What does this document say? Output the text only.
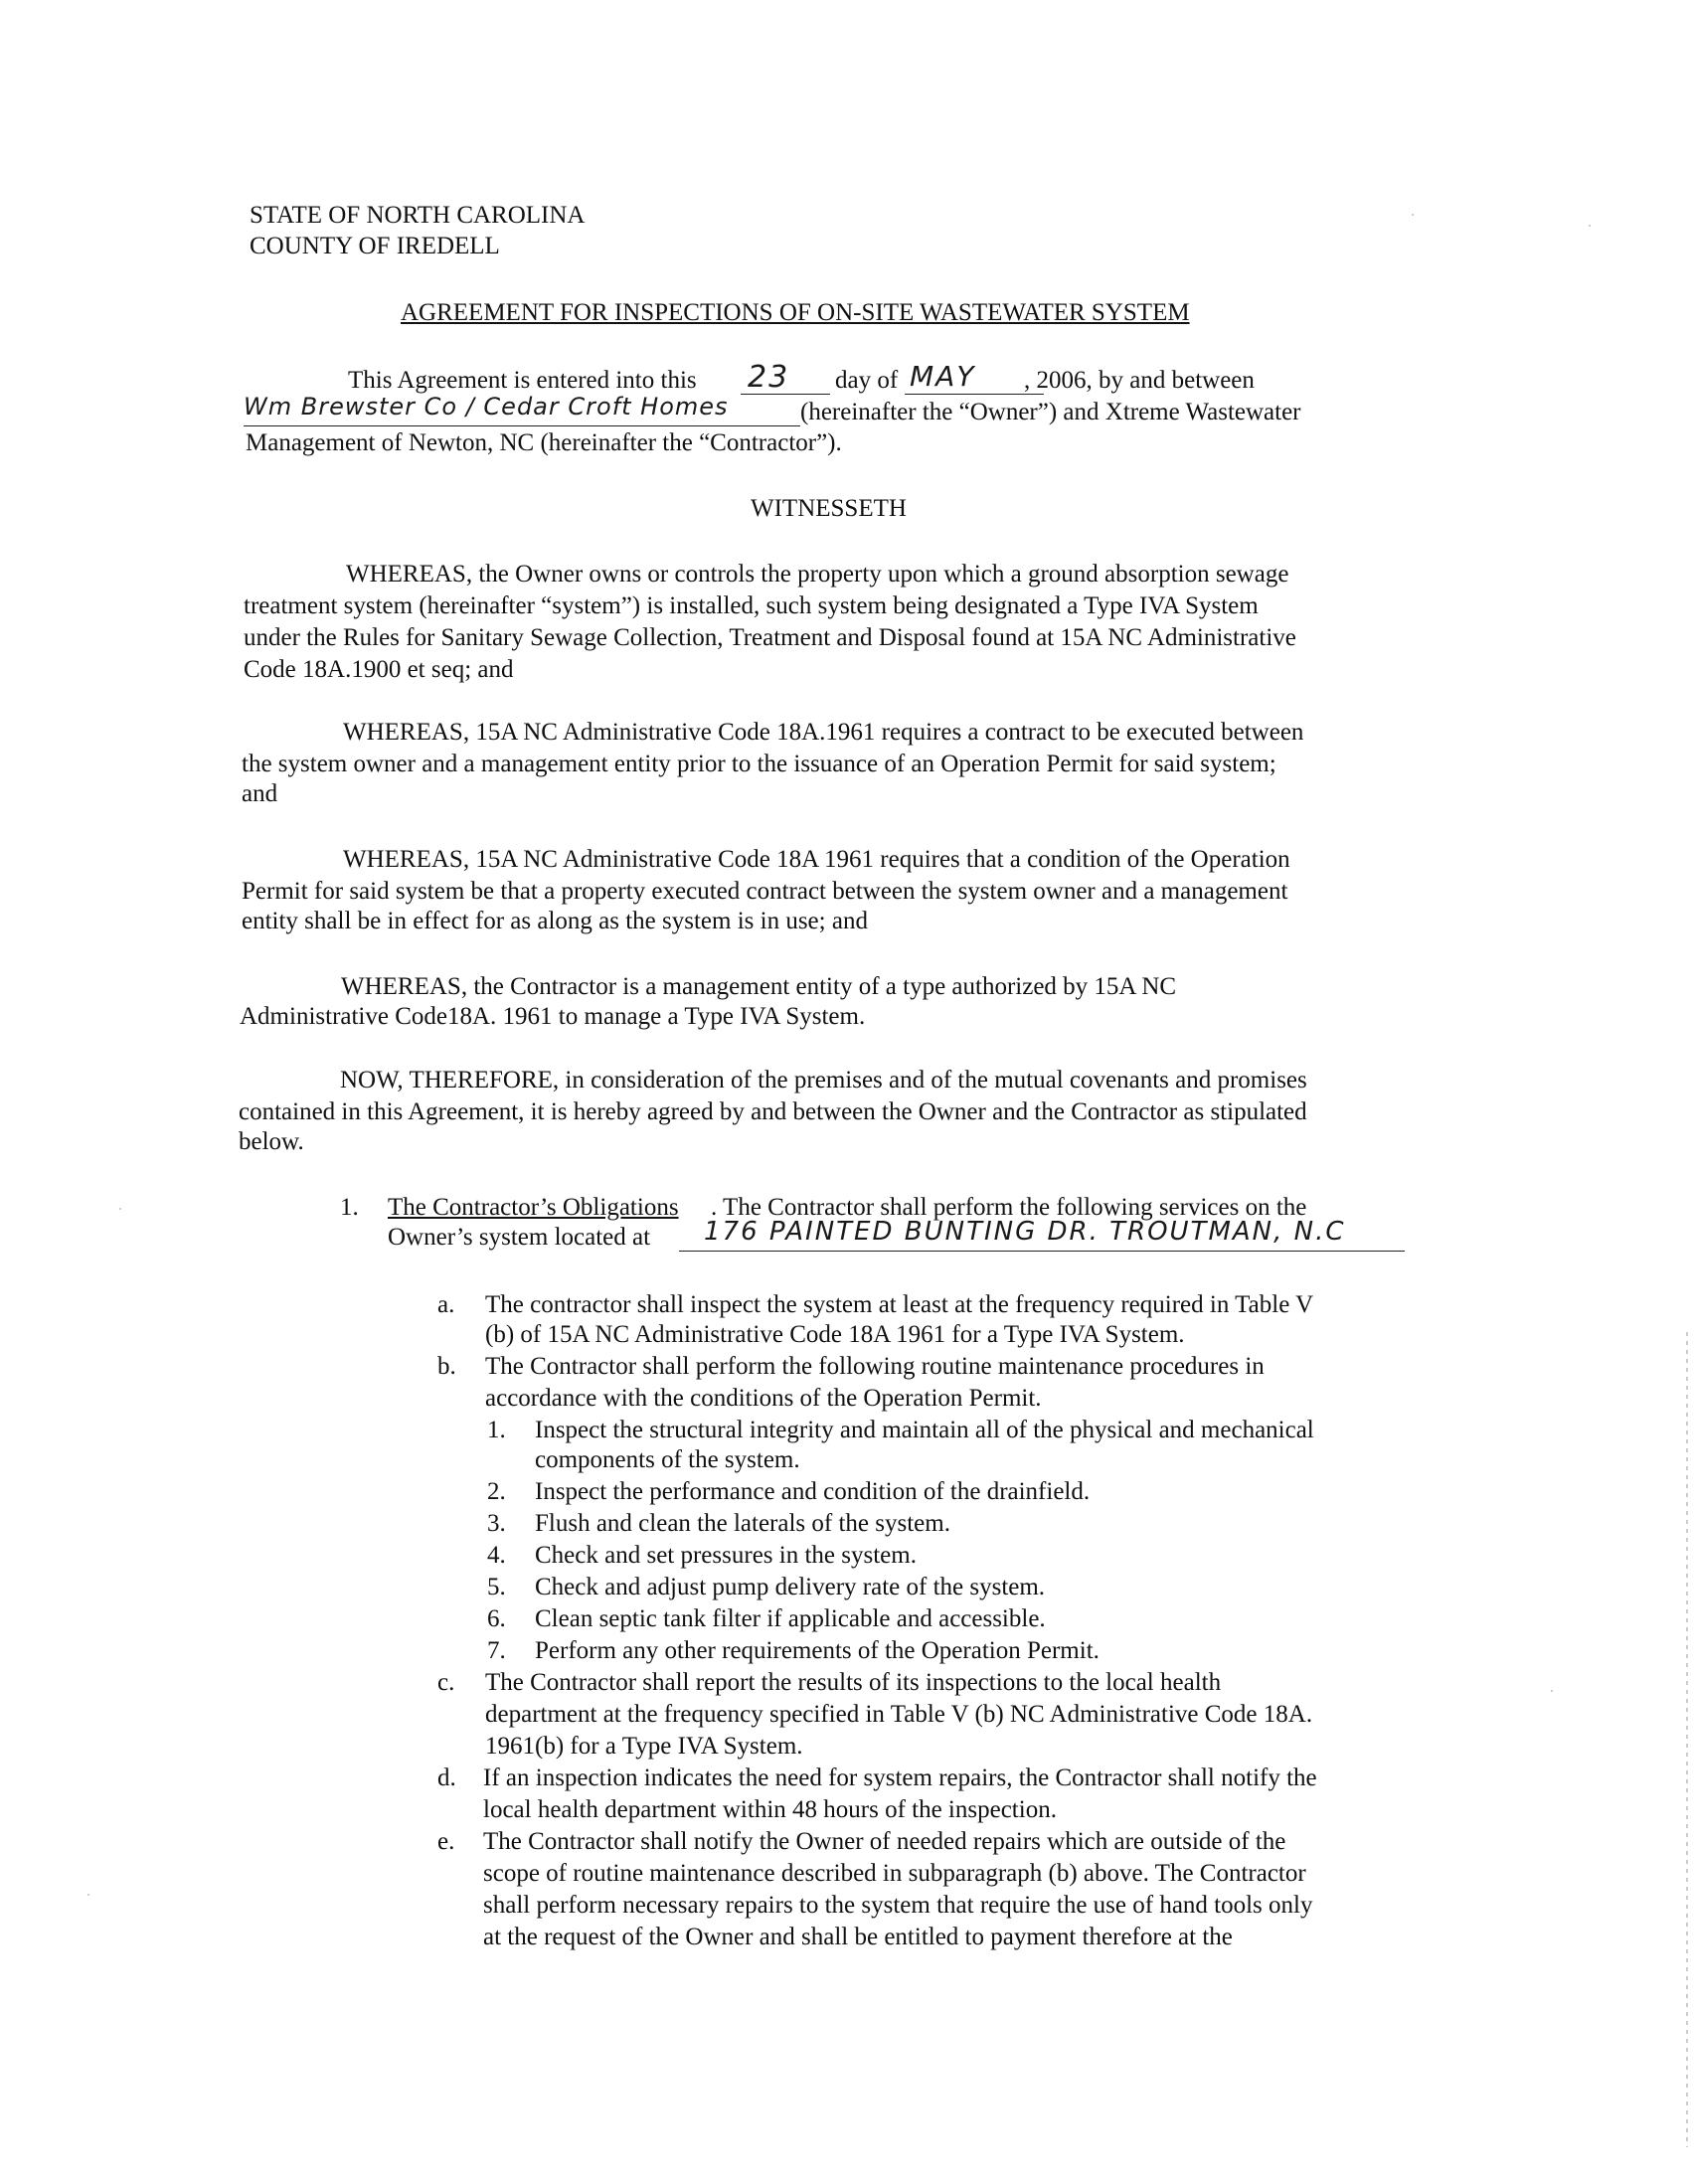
STATE OF NORTH CAROLINA
COUNTY OF IREDELL
AGREEMENT FOR INSPECTIONS OF ON-SITE WASTEWATER SYSTEM
This Agreement is entered into this 23 day of MAY , 2006, by and between
Wm Brewster Co / Cedar Croft Homes	(hereinafter the “Owner”) and Xtreme Wastewater
Management of Newton, NC (hereinafter the “Contractor”).
WITNESSETH
WHEREAS, the Owner owns or controls the property upon which a ground absorption sewage
treatment system (hereinafter “system”) is installed, such system being designated a Type IVA System
under the Rules for Sanitary Sewage Collection, Treatment and Disposal found at 15A NC Administrative
Code 18A.1900 et seq; and
WHEREAS, 15A NC Administrative Code 18A.1961 requires a contract to be executed between
the system owner and a management entity prior to the issuance of an Operation Permit for said system;
and
WHEREAS, 15A NC Administrative Code 18A 1961 requires that a condition of the Operation
Permit for said system be that a property executed contract between the system owner and a management
entity shall be in effect for as along as the system is in use; and
WHEREAS, the Contractor is a management entity of a type authorized by 15A NC
Administrative Code18A. 1961 to manage a Type IVA System.
NOW, THEREFORE, in consideration of the premises and of the mutual covenants and promises
contained in this Agreement, it is hereby agreed by and between the Owner and the Contractor as stipulated
below.
1. The Contractor’s Obligations . The Contractor shall perform the following services on the
Owner’s system located at 176 PAINTED BUNTING DR. TROUTMAN, N.C
a. The contractor shall inspect the system at least at the frequency required in Table V
(b) of 15A NC Administrative Code 18A 1961 for a Type IVA System.
b. The Contractor shall perform the following routine maintenance procedures in
accordance with the conditions of the Operation Permit.
1. Inspect the structural integrity and maintain all of the physical and mechanical
components of the system.
2. Inspect the performance and condition of the drainfield.
3. Flush and clean the laterals of the system.
4. Check and set pressures in the system.
5. Check and adjust pump delivery rate of the system.
6. Clean septic tank filter if applicable and accessible.
7. Perform any other requirements of the Operation Permit.
c. The Contractor shall report the results of its inspections to the local health
department at the frequency specified in Table V (b) NC Administrative Code 18A.
1961(b) for a Type IVA System.
d. If an inspection indicates the need for system repairs, the Contractor shall notify the
local health department within 48 hours of the inspection.
e. The Contractor shall notify the Owner of needed repairs which are outside of the
scope of routine maintenance described in subparagraph (b) above. The Contractor
shall perform necessary repairs to the system that require the use of hand tools only
at the request of the Owner and shall be entitled to payment therefore at the
